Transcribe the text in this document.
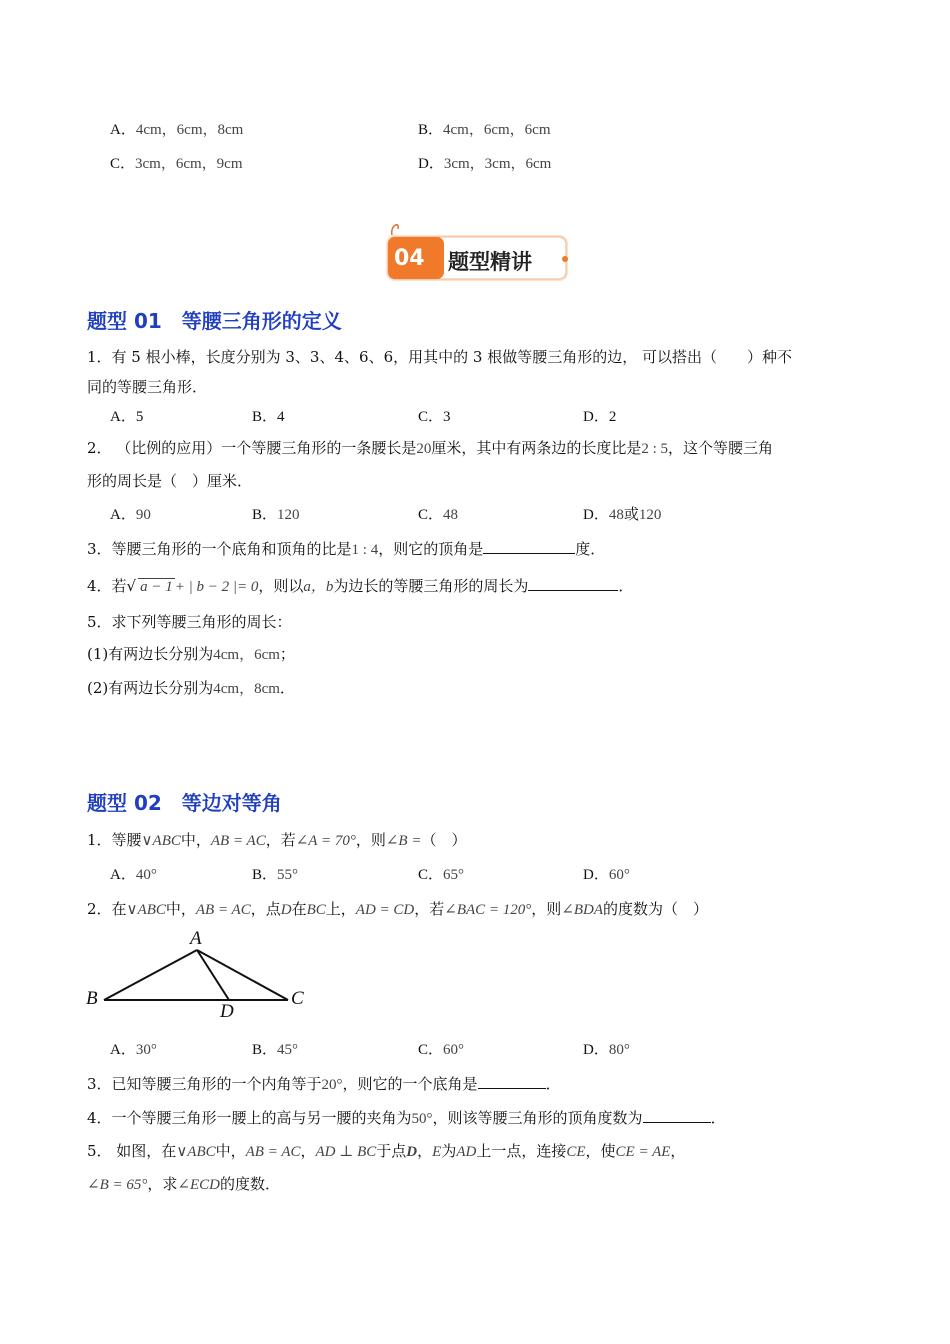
A．4cm，6cm，8cm	B．4cm，6cm，6cm
C．3cm，6cm，9cm	D．3cm，3cm，6cm
04 题型精讲
题型 01　等腰三角形的定义
1．有 5 根小棒，长度分别为 3、3、4、6、6，用其中的 3 根做等腰三角形的边， 可以搭出（　　）种不
同的等腰三角形．
A．5	B．4	C．3	D．2
2． （比例的应用）一个等腰三角形的一条腰长是20厘米，其中有两条边的长度比是2 : 5，这个等腰三角
形的周长是（　）厘米．
A．90	B．120	C．48	D．48或120
3．等腰三角形的一个底角和顶角的比是1 : 4，则它的顶角是	度．
4．若√ a − 1 + | b − 2 |= 0，则以a，b为边长的等腰三角形的周长为	．
5．求下列等腰三角形的周长：
(1)有两边长分别为4cm，6cm；
(2)有两边长分别为4cm，8cm．
题型 02　等边对等角
1．等腰∨ABC中，AB = AC，若∠A = 70°，则∠B =（　）
A．40°	B．55°	C．65°	D．60°
2．在∨ABC中，AB = AC，点D在BC上，AD = CD，若∠BAC = 120°，则∠BDA的度数为（　）
A
B	C
D
A．30°	B．45°	C．60°	D．80°
3．已知等腰三角形的一个内角等于20°，则它的一个底角是	．
4．一个等腰三角形一腰上的高与另一腰的夹角为50°，则该等腰三角形的顶角度数为	．
5． 如图，在∨ABC中，AB = AC，AD ⊥ BC于点D，E为AD上一点，连接CE，使CE = AE，
∠B = 65°，求∠ECD的度数．
